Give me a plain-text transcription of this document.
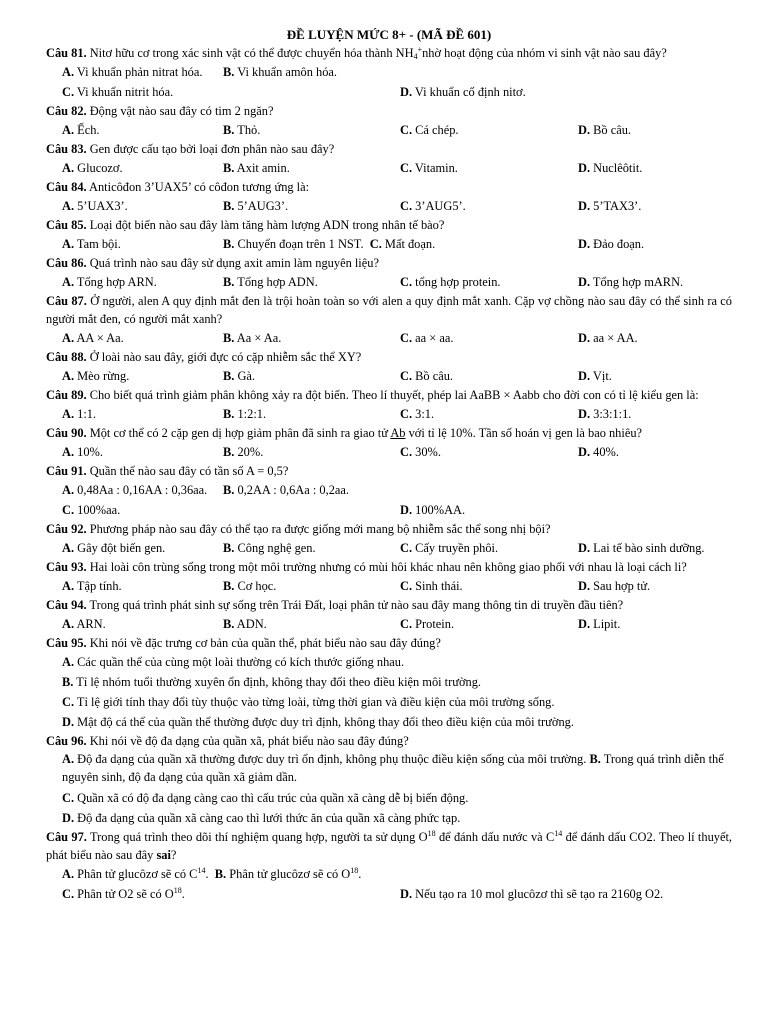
ĐỀ LUYỆN MỨC 8+ - (MÃ ĐỀ 601)
Câu 81. Nitơ hữu cơ trong xác sinh vật có thể được chuyển hóa thành $NH_4^+nhờ$ hoạt động của nhóm vi sinh vật nào sau đây?
A. Vi khuẩn phản nitrat hóa. B. Vi khuẩn amôn hóa.
C. Vi khuẩn nitrit hóa.	D. Vi khuẩn cố định nitơ.
Câu 82. Động vật nào sau đây có tim 2 ngăn?
A. Ếch.	B. Thỏ.	C. Cá chép.	D. Bồ câu.
Câu 83. Gen được cấu tạo bởi loại đơn phân nào sau đây?
A. Glucozơ.	B. Axit amin.	C. Vitamin.	D. Nuclêôtit.
Câu 84. Anticôđon 3’UAX5’ có côđon tương ứng là:
A. 5’UAX3’.	B. 5’AUG3’.	C. 3’AUG5’.	D. 5’TAX3’.
Câu 85. Loại đột biến nào sau đây làm tăng hàm lượng ADN trong nhân tế bào?
A. Tam bội.	B. Chuyển đoạn trên 1 NST. C. Mất đoạn.	D. Đảo đoạn.
Câu 86. Quá trình nào sau đây sử dụng axit amin làm nguyên liệu?
A. Tổng hợp ARN.	B. Tổng hợp ADN.	C. tổng hợp protein.	D. Tổng hợp mARN.
Câu 87. Ở người, alen A quy định mắt đen là trội hoàn toàn so với alen a quy định mắt xanh. Cặp vợ chồng nào sau đây có thể sinh ra có người mắt đen, có người mắt xanh?
A. AA × Aa.	B. Aa × Aa.	C. aa × aa.	D. aa × AA.
Câu 88. Ở loài nào sau đây, giới đực có cặp nhiễm sắc thể XY?
A. Mèo rừng.	B. Gà.	C. Bồ câu.	D. Vịt.
Câu 89. Cho biết quá trình giảm phân không xảy ra đột biến. Theo lí thuyết, phép lai AaBB × Aabb cho đời con có tỉ lệ kiểu gen là:
A. 1:1.	B. 1:2:1.	C. 3:1.	D. 3:3:1:1.
Câu 90. Một cơ thể có 2 cặp gen dị hợp giảm phân đã sinh ra giao tử Ab với tỉ lệ 10%. Tần số hoán vị gen là bao nhiêu?
A. 10%.	B. 20%.	C. 30%.	D. 40%.
Câu 91. Quần thể nào sau đây có tần số A = 0,5?
A. 0,48Aa : 0,16AA : 0,36aa. B. 0,2AA : 0,6Aa : 0,2aa.
C. 100%aa.	D. 100%AA.
Câu 92. Phương pháp nào sau đây có thể tạo ra được giống mới mang bộ nhiễm sắc thể song nhị bội?
A. Gây đột biến gen.	B. Công nghệ gen.	C. Cấy truyền phôi.	D. Lai tế bào sinh dưỡng.
Câu 93. Hai loài côn trùng sống trong một môi trường nhưng có mùi hôi khác nhau nên không giao phối với nhau là loại cách li?
A. Tập tính.	B. Cơ học.	C. Sinh thái.	D. Sau hợp tử.
Câu 94. Trong quá trình phát sinh sự sống trên Trái Đất, loại phân tử nào sau đây mang thông tin di truyền đầu tiên?
A. ARN.	B. ADN.	C. Protein.	D. Lipit.
Câu 95. Khi nói về đặc trưng cơ bản của quần thể, phát biểu nào sau đây đúng?
A. Các quần thể của cùng một loài thường có kích thước giống nhau.
B. Tỉ lệ nhóm tuổi thường xuyên ổn định, không thay đổi theo điều kiện môi trường.
C. Tỉ lệ giới tính thay đổi tùy thuộc vào từng loài, từng thời gian và điều kiện của môi trường sống.
D. Mật độ cá thể của quần thể thường được duy trì định, không thay đổi theo điều kiện của môi trường.
Câu 96. Khi nói về độ đa dạng của quần xã, phát biểu nào sau đây đúng?
A. Độ đa dạng của quần xã thường được duy trì ổn định, không phụ thuộc điều kiện sống của môi trường. B. Trong quá trình diễn thế nguyên sinh, độ đa dạng của quần xã giảm dần.
C. Quần xã có độ đa dạng càng cao thì cấu trúc của quần xã càng dễ bị biến động.
D. Độ đa dạng của quần xã càng cao thì lưới thức ăn của quần xã càng phức tạp.
Câu 97. Trong quá trình theo dõi thí nghiệm quang hợp, người ta sử dụng $O^{18}$ để đánh dấu nước và $C^{14}$ để đánh dấu CO2. Theo lí thuyết, phát biểu nào sau đây sai?
A. Phân tử glucôzơ sẽ có $C^{14}$. B. Phân tử glucôzơ sẽ có $O^{18}$.
C. Phân tử O2 sẽ có $O^{18}$.	D. Nếu tạo ra 10 mol glucôzơ thì sẽ tạo ra 2160g O2.
